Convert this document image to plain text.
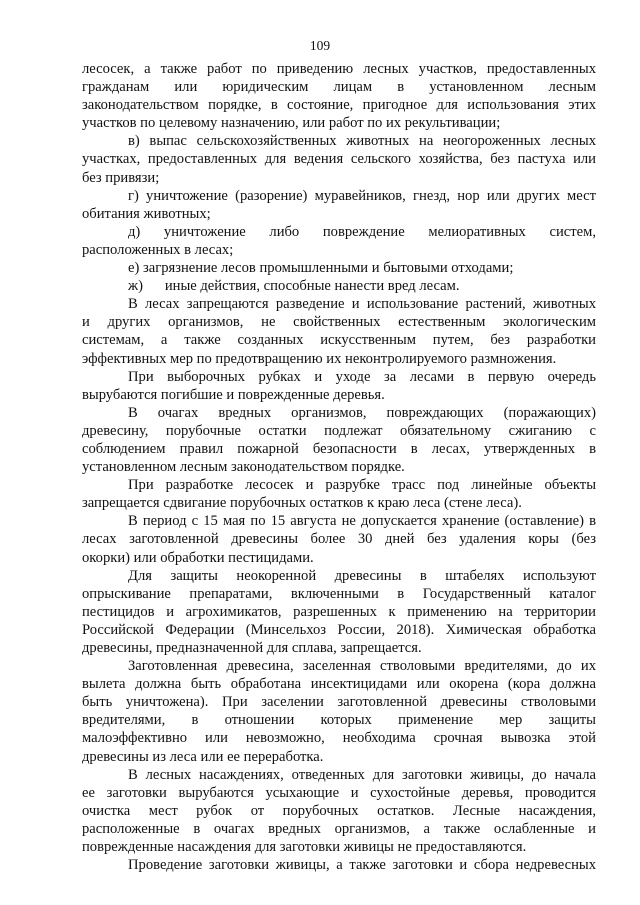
109
лесосек, а также работ по приведению лесных участков, предоставленных
гражданам или юридическим лицам в установленном лесным
законодательством порядке, в состояние, пригодное для использования этих
участков по целевому назначению, или работ по их рекультивации;
в) выпас сельскохозяйственных животных на неогороженных лесных
участках, предоставленных для ведения сельского хозяйства, без пастуха или
без привязи;
г) уничтожение (разорение) муравейников, гнезд, нор или других мест
обитания животных;
д) уничтожение либо повреждение мелиоративных систем,
расположенных в лесах;
е) загрязнение лесов промышленными и бытовыми отходами;
ж)      иные действия, способные нанести вред лесам.
В лесах запрещаются разведение и использование растений, животных
и других организмов, не свойственных естественным экологическим
системам, а также созданных искусственным путем, без разработки
эффективных мер по предотвращению их неконтролируемого размножения.
При выборочных рубках и уходе за лесами в первую очередь
вырубаются погибшие и поврежденные деревья.
В очагах вредных организмов, повреждающих (поражающих)
древесину, порубочные остатки подлежат обязательному сжиганию с
соблюдением правил пожарной безопасности в лесах, утвержденных в
установленном лесным законодательством порядке.
При разработке лесосек и разрубке трасс под линейные объекты
запрещается сдвигание порубочных остатков к краю леса (стене леса).
В период с 15 мая по 15 августа не допускается хранение (оставление) в
лесах заготовленной древесины более 30 дней без удаления коры (без
окорки) или обработки пестицидами.
Для защиты неокоренной древесины в штабелях используют
опрыскивание препаратами, включенными в Государственный каталог
пестицидов и агрохимикатов, разрешенных к применению на территории
Российской Федерации (Минсельхоз России, 2018). Химическая обработка
древесины, предназначенной для сплава, запрещается.
Заготовленная древесина, заселенная стволовыми вредителями, до их
вылета должна быть обработана инсектицидами или окорена (кора должна
быть уничтожена). При заселении заготовленной древесины стволовыми
вредителями, в отношении которых применение мер защиты
малоэффективно или невозможно, необходима срочная вывозка этой
древесины из леса или ее переработка.
В лесных насаждениях, отведенных для заготовки живицы, до начала
ее заготовки вырубаются усыхающие и сухостойные деревья, проводится
очистка мест рубок от порубочных остатков. Лесные насаждения,
расположенные в очагах вредных организмов, а также ослабленные и
поврежденные насаждения для заготовки живицы не предоставляются.
Проведение заготовки живицы, а также заготовки и сбора недревесных
